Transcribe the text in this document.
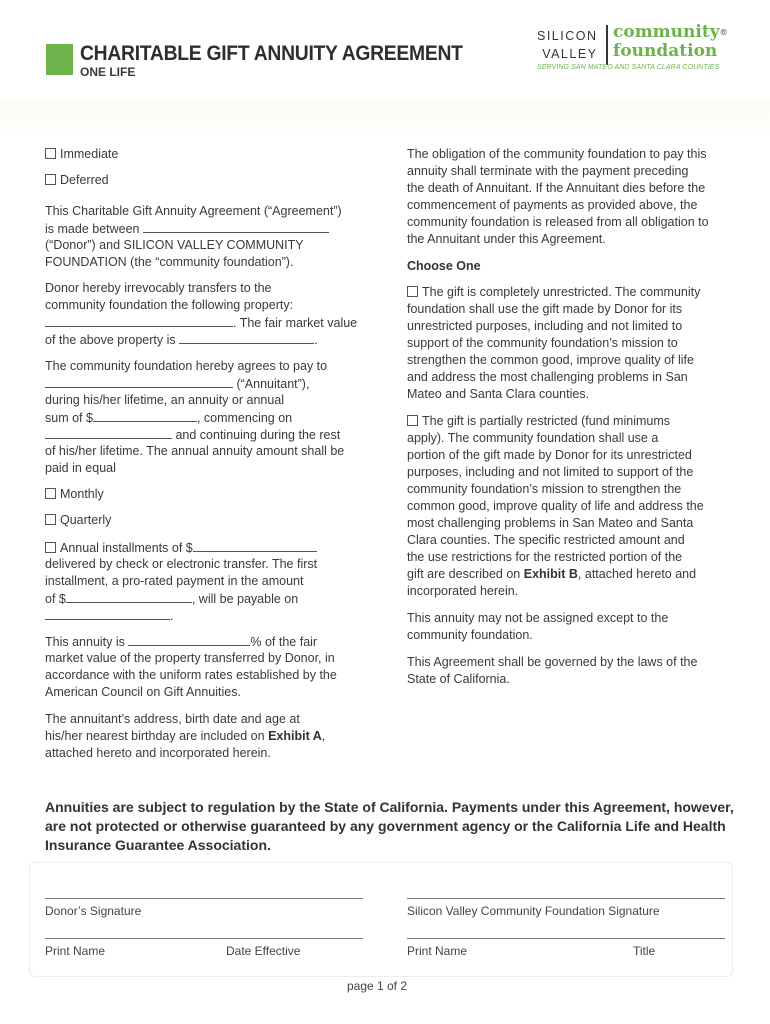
CHARITABLE GIFT ANNUITY AGREEMENT
ONE LIFE
SILICON
VALLEY
community®
foundation
SERVING SAN MATEO AND SANTA CLARA COUNTIES
Immediate
Deferred
This Charitable Gift Annuity Agreement (“Agreement”)
is made between
(“Donor”) and SILICON VALLEY COMMUNITY
FOUNDATION (the “community foundation”).
Donor hereby irrevocably transfers to the
community foundation the following property:
. The fair market value
of the above property is	.
The community foundation hereby agrees to pay to
(“Annuitant”),
during his/her lifetime, an annuity or annual
sum of $	, commencing on
and continuing during the rest
of his/her lifetime. The annual annuity amount shall be
paid in equal
Monthly
Quarterly
Annual installments of $
delivered by check or electronic transfer. The first
installment, a pro-rated payment in the amount
of $	, will be payable on
.
This annuity is	% of the fair
market value of the property transferred by Donor, in
accordance with the uniform rates established by the
American Council on Gift Annuities.
The annuitant’s address, birth date and age at
his/her nearest birthday are included on Exhibit A,
attached hereto and incorporated herein.
The obligation of the community foundation to pay this
annuity shall terminate with the payment preceding
the death of Annuitant. If the Annuitant dies before the
commencement of payments as provided above, the
community foundation is released from all obligation to
the Annuitant under this Agreement.
Choose One
The gift is completely unrestricted. The community
foundation shall use the gift made by Donor for its
unrestricted purposes, including and not limited to
support of the community foundation’s mission to
strengthen the common good, improve quality of life
and address the most challenging problems in San
Mateo and Santa Clara counties.
The gift is partially restricted (fund minimums
apply). The community foundation shall use a
portion of the gift made by Donor for its unrestricted
purposes, including and not limited to support of the
community foundation’s mission to strengthen the
common good, improve quality of life and address the
most challenging problems in San Mateo and Santa
Clara counties. The specific restricted amount and
the use restrictions for the restricted portion of the
gift are described on Exhibit B, attached hereto and
incorporated herein.
This annuity may not be assigned except to the
community foundation.
This Agreement shall be governed by the laws of the
State of California.
Annuities are subject to regulation by the State of California. Payments under this Agreement, however, are not protected or otherwise guaranteed by any government agency or the California Life and Health Insurance Guarantee Association.
Donor’s Signature	Silicon Valley Community Foundation Signature
Print Name	Date Effective	Print Name	Title
page 1 of 2
